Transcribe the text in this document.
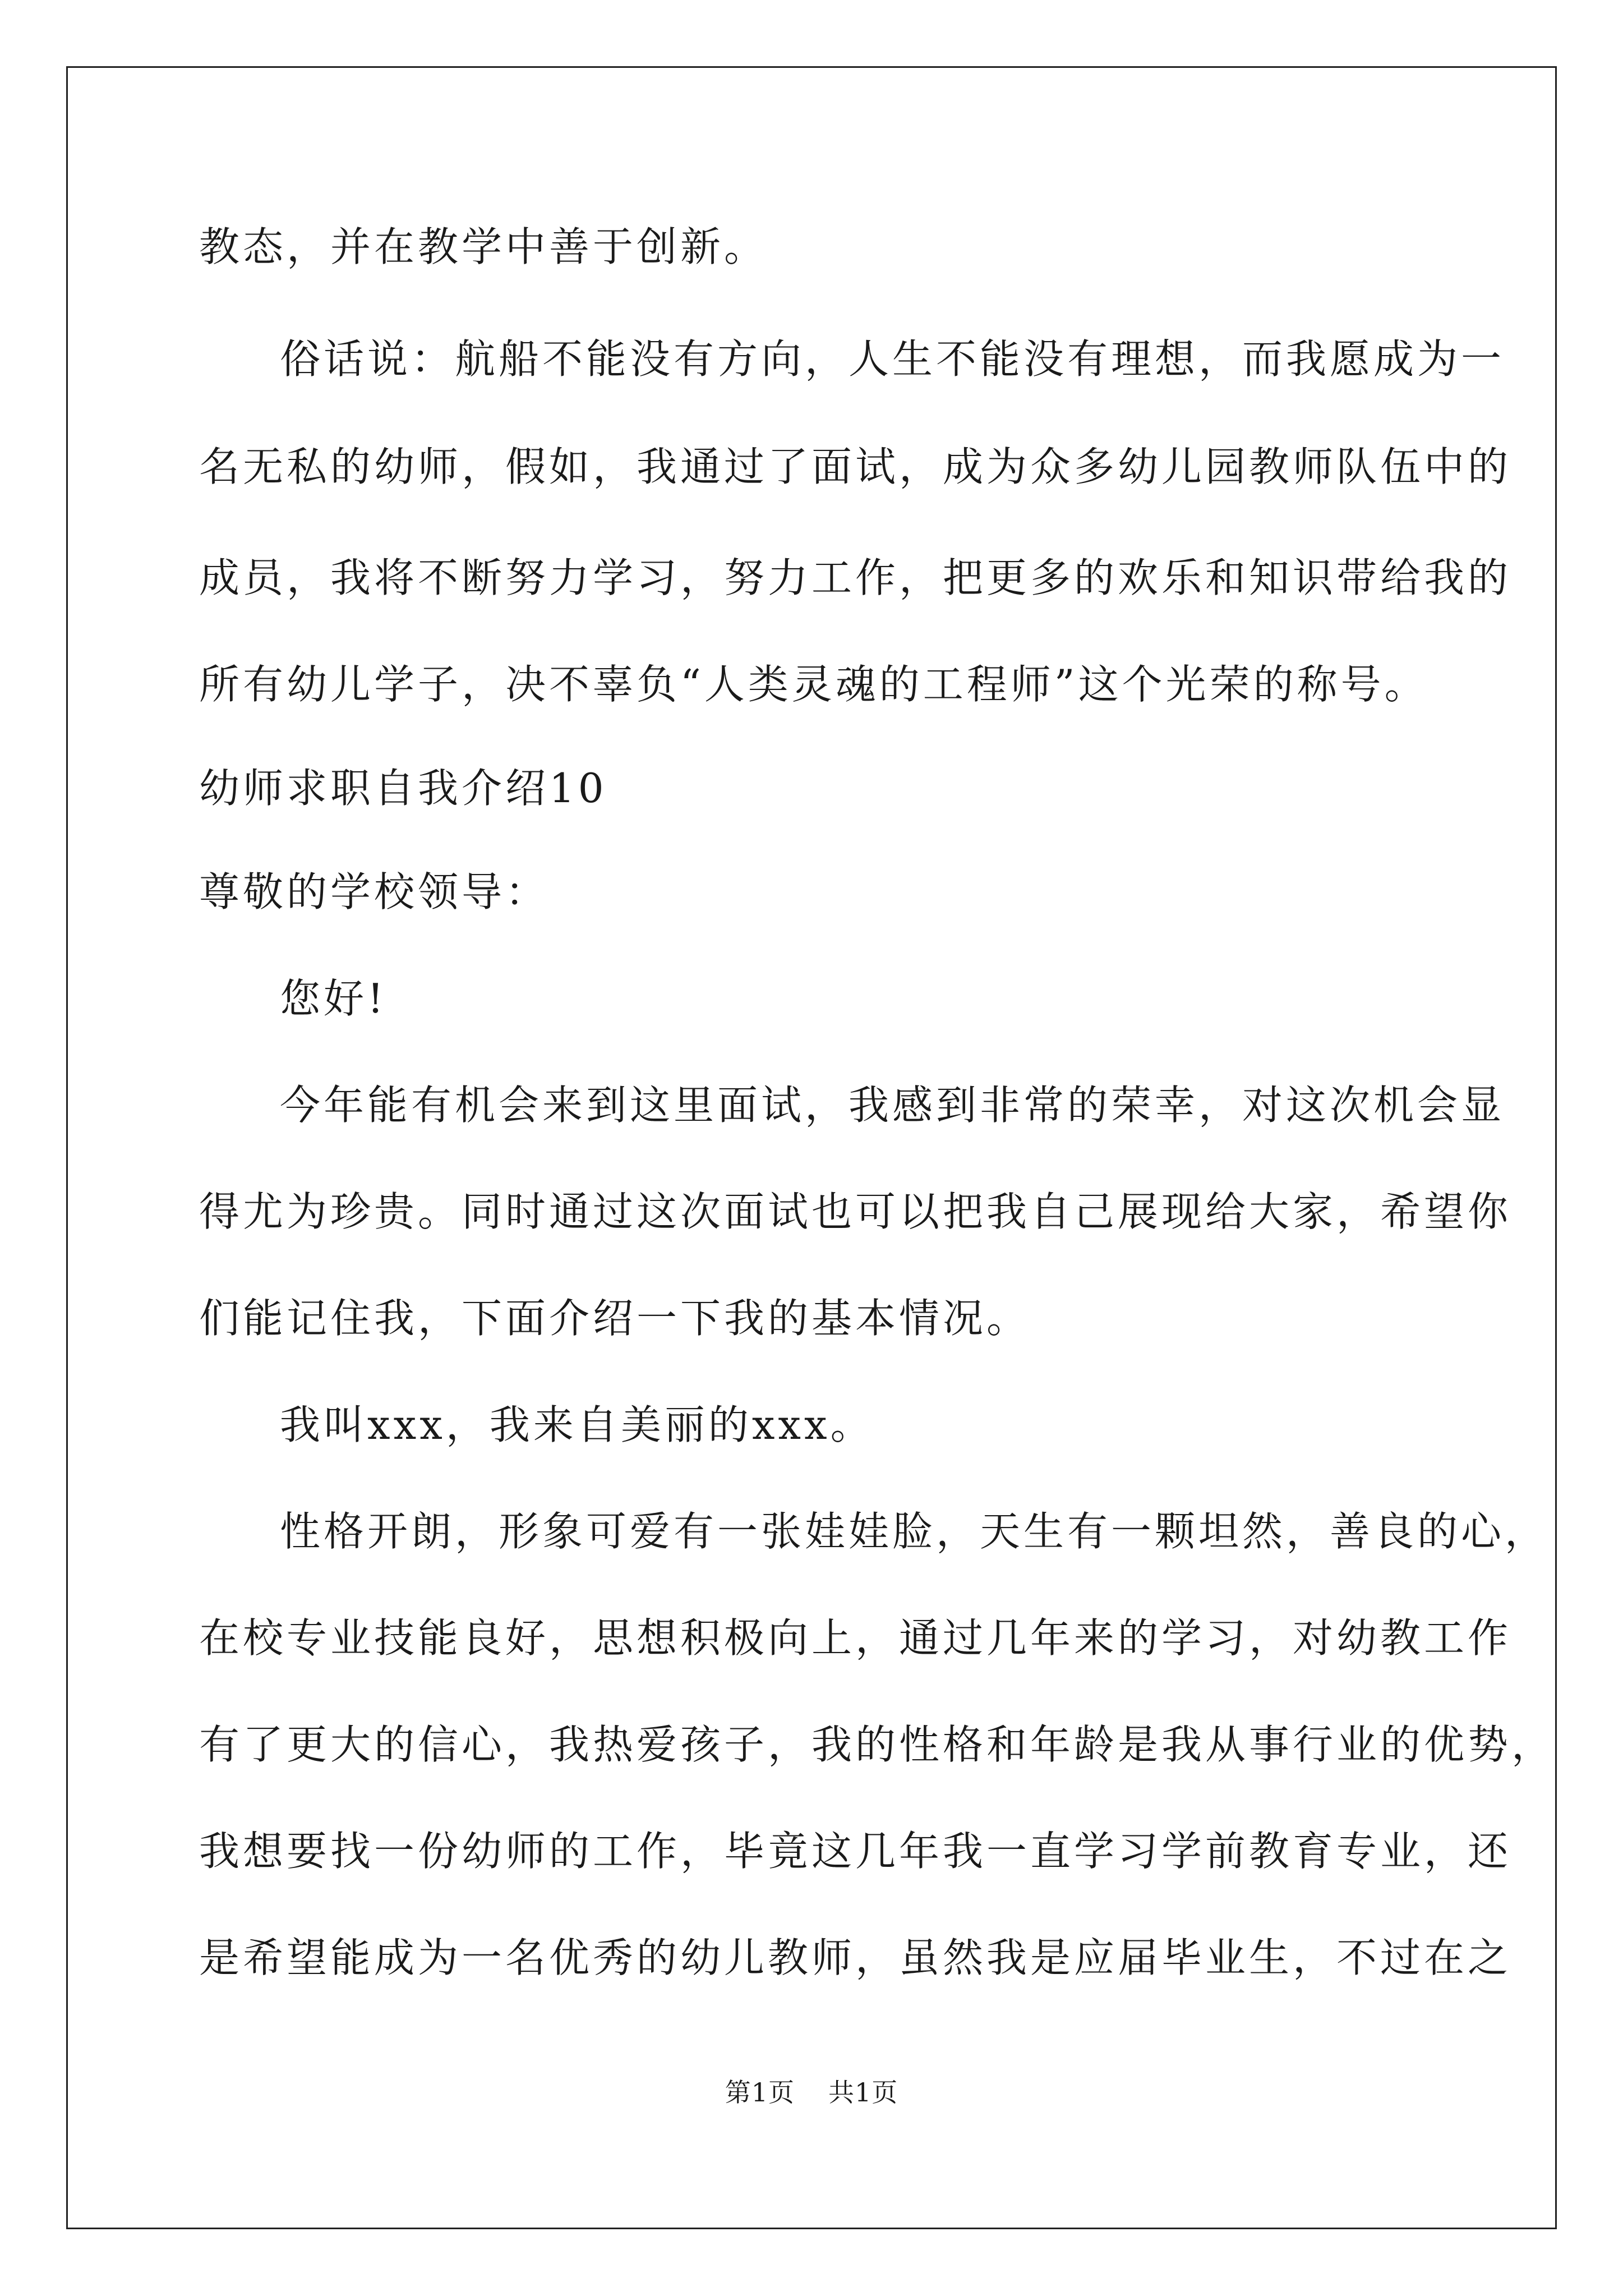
教态，并在教学中善于创新。
俗话说：航船不能没有方向，人生不能没有理想，而我愿成为一
名无私的幼师，假如，我通过了面试，成为众多幼儿园教师队伍中的
成员，我将不断努力学习，努力工作，把更多的欢乐和知识带给我的
所有幼儿学子，决不辜负“人类灵魂的工程师”这个光荣的称号。
幼师求职自我介绍10
尊敬的学校领导：
您好!
今年能有机会来到这里面试，我感到非常的荣幸，对这次机会显
得尤为珍贵。同时通过这次面试也可以把我自己展现给大家，希望你
们能记住我，下面介绍一下我的基本情况。
我叫xxx，我来自美丽的xxx。
性格开朗，形象可爱有一张娃娃脸，天生有一颗坦然，善良的心，
在校专业技能良好，思想积极向上，通过几年来的学习，对幼教工作
有了更大的信心，我热爱孩子，我的性格和年龄是我从事行业的优势，
我想要找一份幼师的工作，毕竟这几年我一直学习学前教育专业，还
是希望能成为一名优秀的幼儿教师，虽然我是应届毕业生，不过在之
第1页 共1页
